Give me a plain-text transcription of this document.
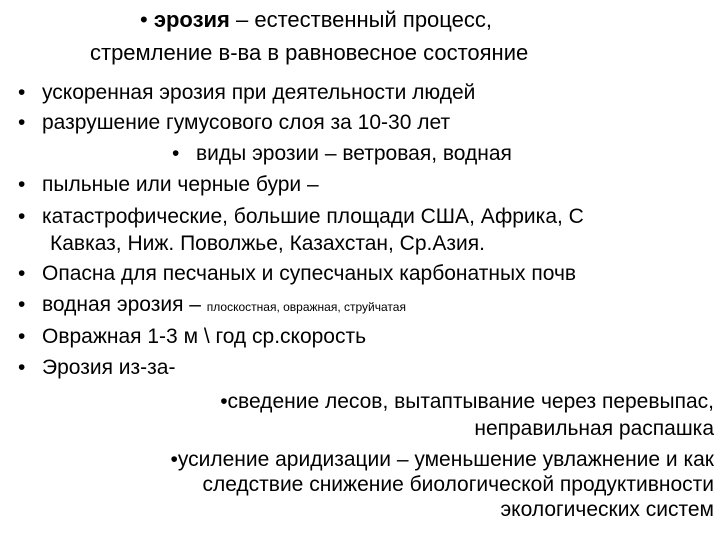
• эрозия – естественный процесс,
стремление в-ва в равновесное состояние
• ускоренная эрозия при деятельности людей
• разрушение гумусового слоя за 10-30 лет
• виды эрозии – ветровая, водная
• пыльные или черные бури –
• катастрофические, большие площади США, Африка, С
Кавказ, Ниж. Поволжье, Казахстан, Ср.Азия.
• Опасна для песчаных и супесчаных карбонатных почв
• водная эрозия – плоскостная, овражная, струйчатая
• Овражная 1-3 м \ год ср.скорость
• Эрозия из-за-
•сведение лесов, вытаптывание через перевыпас,
неправильная распашка
•усиление аридизации – уменьшение увлажнение и как
следствие снижение биологической продуктивности
экологических систем
